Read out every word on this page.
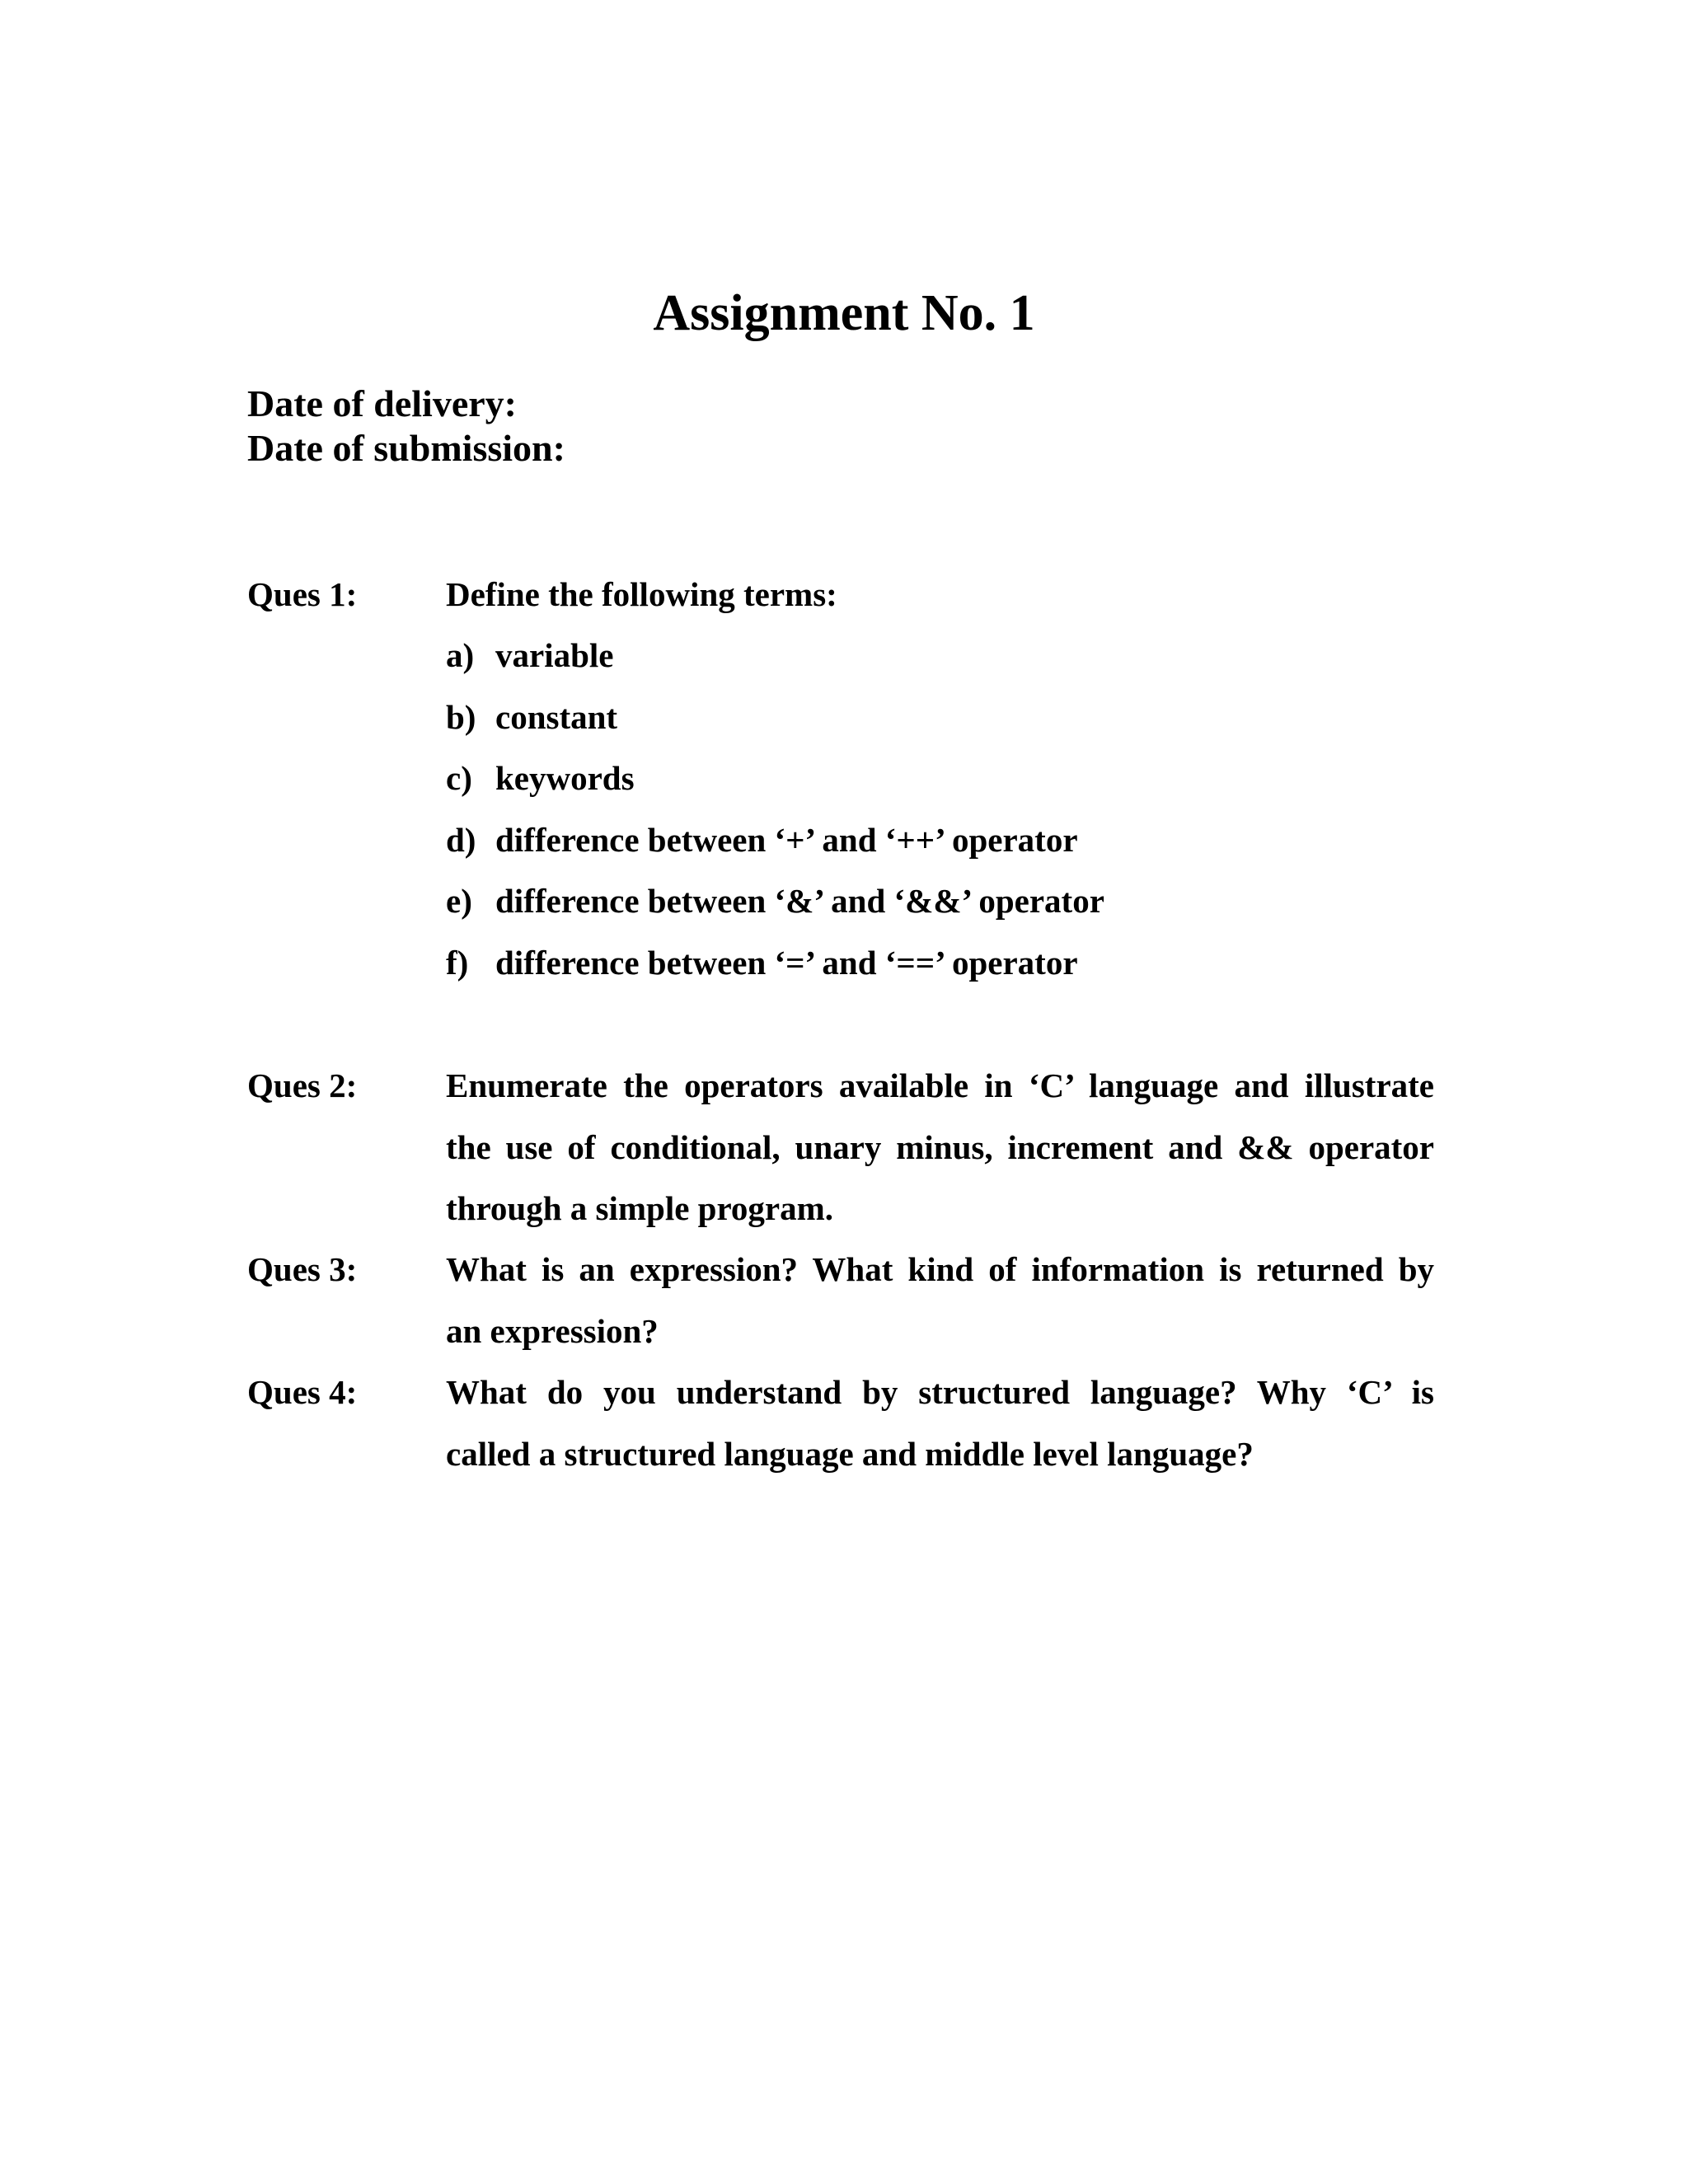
Assignment No. 1
Date of delivery:
Date of submission:
Ques 1:	Define the following terms:
a) variable
b) constant
c) keywords
d) difference between ‘+’ and ‘++’ operator
e) difference between ‘&’ and ‘&&’ operator
f) difference between ‘=’ and ‘==’ operator
Ques 2:	Enumerate the operators available in ‘C’ language and illustrate
the use of conditional, unary minus, increment and && operator
through a simple program.
Ques 3:	What is an expression? What kind of information is returned by
an expression?
Ques 4:	What do you understand by structured language? Why ‘C’ is
called a structured language and middle level language?
